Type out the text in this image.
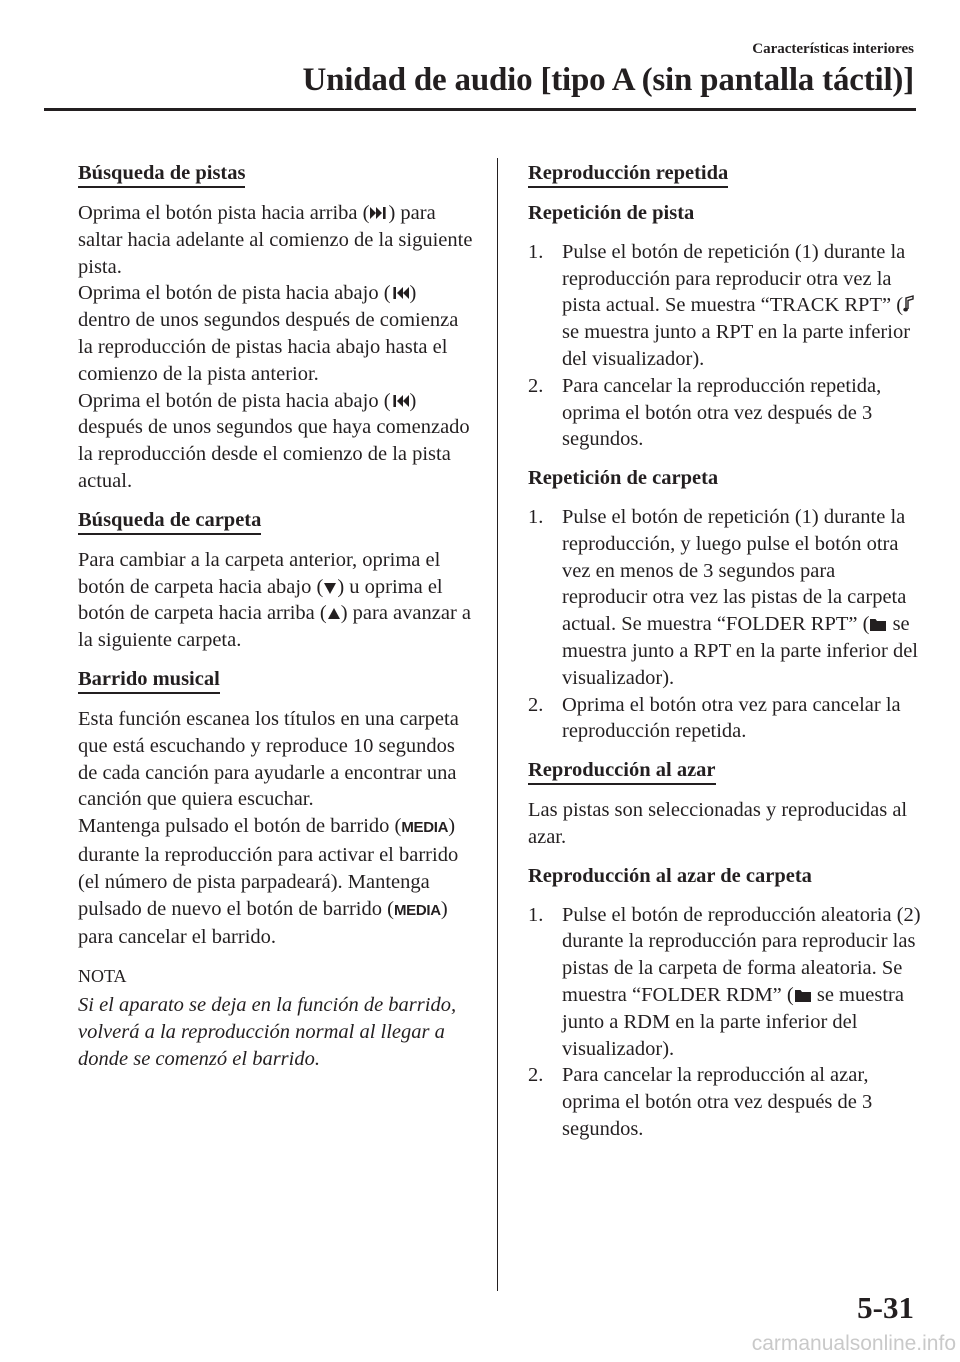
Características interiores
Unidad de audio [tipo A (sin pantalla táctil)]
Búsqueda de pistas

Oprima el botón pista hacia arriba ( ) para saltar hacia adelante al comienzo de la siguiente pista.

Oprima el botón de pista hacia abajo ( ) dentro de unos segundos después de comienza la reproducción de pistas hacia abajo hasta el comienzo de la pista anterior.

Oprima el botón de pista hacia abajo ( ) después de unos segundos que haya comenzado la reproducción desde el comienzo de la pista actual.

Búsqueda de carpeta

Para cambiar a la carpeta anterior, oprima el botón de carpeta hacia abajo ( ) u oprima el botón de carpeta hacia arriba ( ) para avanzar a la siguiente carpeta.

Barrido musical

Esta función escanea los títulos en una carpeta que está escuchando y reproduce 10 segundos de cada canción para ayudarle a encontrar una canción que quiera escuchar.

Mantenga pulsado el botón de barrido (MEDIA) durante la reproducción para activar el barrido (el número de pista parpadeará). Mantenga pulsado de nuevo el botón de barrido (MEDIA) para cancelar el barrido.

NOTA

Si el aparato se deja en la función de barrido, volverá a la reproducción normal al llegar a donde se comenzó el barrido.

Reproducción repetida
Repetición de pista
1. Pulse el botón de repetición (1) durante la reproducción para reproducir otra vez la pista actual. Se muestra “TRACK RPT” (
se muestra junto a RPT en la parte inferior del visualizador).
2. Para cancelar la reproducción repetida, oprima el botón otra vez después de 3 segundos.
Repetición de carpeta
1. Pulse el botón de repetición (1) durante la reproducción, y luego pulse el botón otra vez en menos de 3 segundos para reproducir otra vez las pistas de la carpeta actual. Se muestra “FOLDER RPT” (
se muestra junto a RPT en la parte inferior del visualizador).
2. Oprima el botón otra vez para cancelar la reproducción repetida.
Reproducción al azar

Las pistas son seleccionadas y reproducidas al azar.

Reproducción al azar de carpeta
1. Pulse el botón de reproducción aleatoria (2) durante la reproducción para reproducir las pistas de la carpeta de forma aleatoria. Se muestra “FOLDER RDM” (
se muestra junto a RDM en la parte inferior del visualizador).
2. Para cancelar la reproducción al azar, oprima el botón otra vez después de 3 segundos.
5-31
carmanualsonline.info
